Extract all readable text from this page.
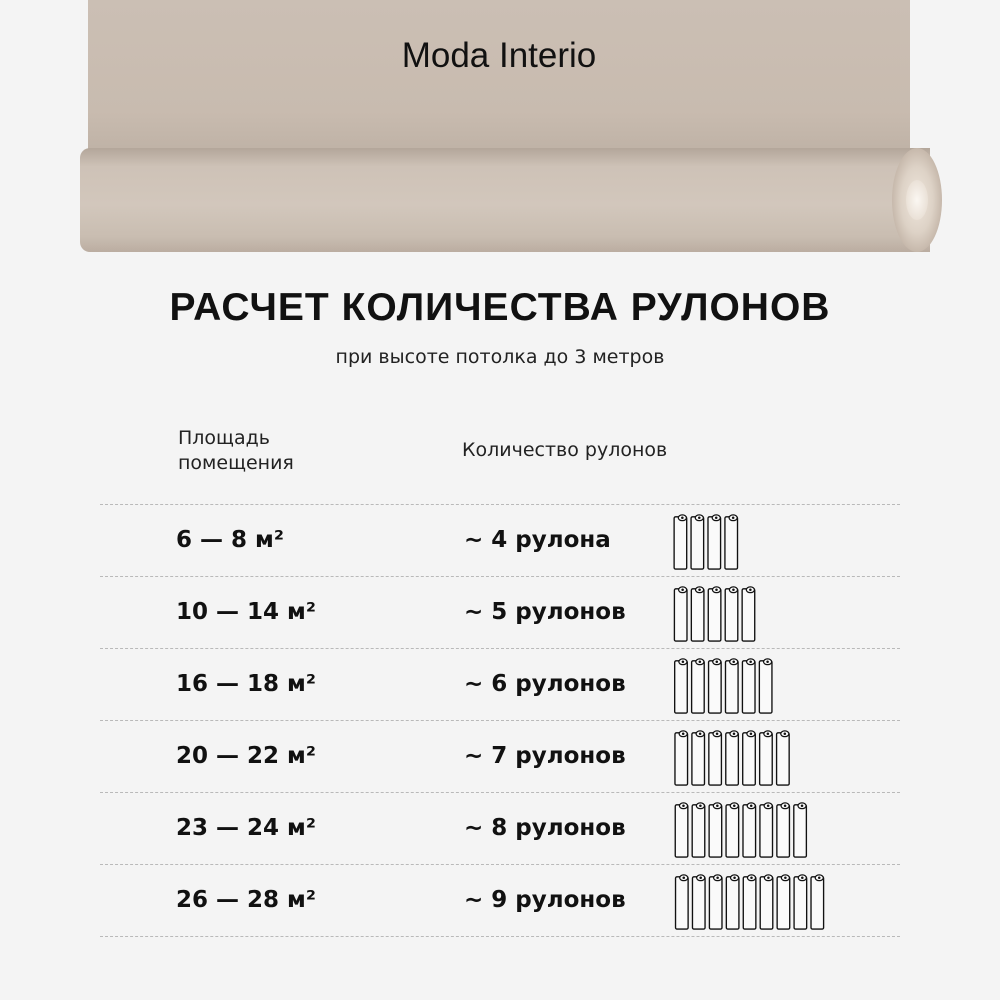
Moda Interio
РАСЧЕТ КОЛИЧЕСТВА РУЛОНОВ
при высоте потолка до 3 метров
Площадь
помещения
Количество рулонов
6 — 8 м²	~ 4 рулона
10 — 14 м²	~ 5 рулонов
16 — 18 м²	~ 6 рулонов
20 — 22 м²	~ 7 рулонов
23 — 24 м²	~ 8 рулонов
26 — 28 м²	~ 9 рулонов
